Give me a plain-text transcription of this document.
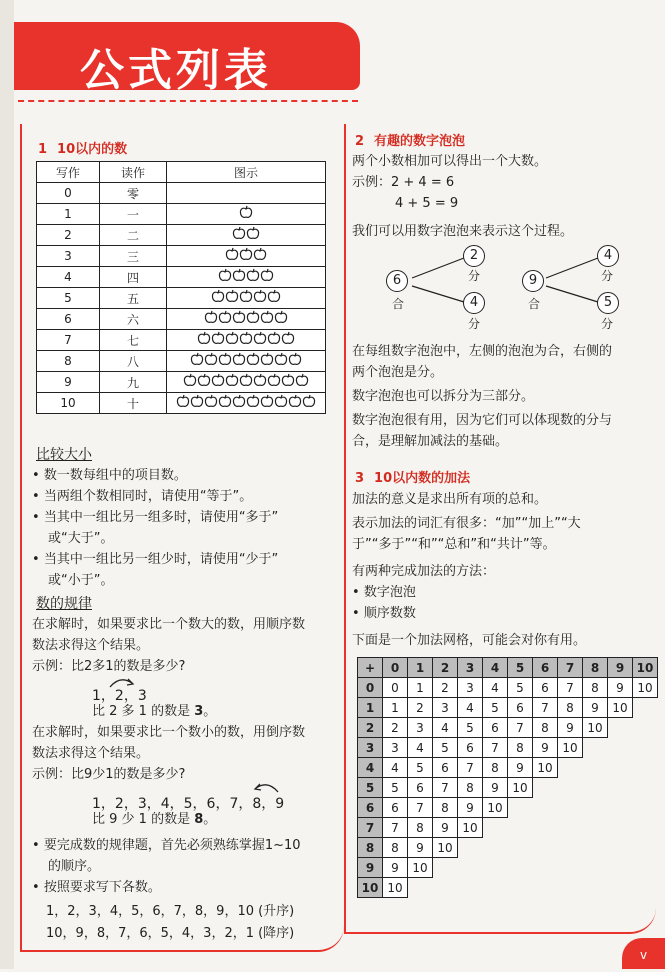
公式列表
1 10以内的数
写作	读作	图示
0	零	
1	一	
2	二	
3	三	
4	四	
5	五	
6	六	
7	七	
8	八	
9	九	
10	十	
比较大小
• 数一数每组中的项目数。
• 当两组个数相同时，请使用“等于”。
• 当其中一组比另一组多时，请使用“多于”
或“大于”。
• 当其中一组比另一组少时，请使用“少于”
或“小于”。
数的规律
在求解时，如果要求比一个数大的数，用顺序数
数法求得这个结果。
示例：比2多1的数是多少?
1，2，3
比 2 多 1 的数是 3。
在求解时，如果要求比一个数小的数，用倒序数
数法求得这个结果。
示例：比9少1的数是多少?
1，2，3，4，5，6，7，8，9
比 9 少 1 的数是 8。
• 要完成数的规律题，首先必须熟练掌握1~10
的顺序。
• 按照要求写下各数。
1，2，3，4，5，6，7，8，9，10 (升序)
10，9，8，7，6，5，4，3，2，1 (降序)
2 有趣的数字泡泡
两个小数相加可以得出一个大数。
示例：2 + 4 = 6
4 + 5 = 9
我们可以用数字泡泡来表示这个过程。
6
合
2
分
4
分
9
合
4
分
5
分
在每组数字泡泡中，左侧的泡泡为合，右侧的
两个泡泡是分。
数字泡泡也可以拆分为三部分。
数字泡泡很有用，因为它们可以体现数的分与
合，是理解加减法的基础。
3 10以内数的加法
加法的意义是求出所有项的总和。
表示加法的词汇有很多：“加”“加上”“大
于”“多于”“和”“总和”和“共计”等。
有两种完成加法的方法：
• 数字泡泡
• 顺序数数
下面是一个加法网格，可能会对你有用。
+	0	1	2	3	4	5	6	7	8	9	10
0	0	1	2	3	4	5	6	7	8	9	10
1	1	2	3	4	5	6	7	8	9	10	
2	2	3	4	5	6	7	8	9	10		
3	3	4	5	6	7	8	9	10			
4	4	5	6	7	8	9	10				
5	5	6	7	8	9	10					
6	6	7	8	9	10						
7	7	8	9	10							
8	8	9	10								
9	9	10									
10	10										
v
